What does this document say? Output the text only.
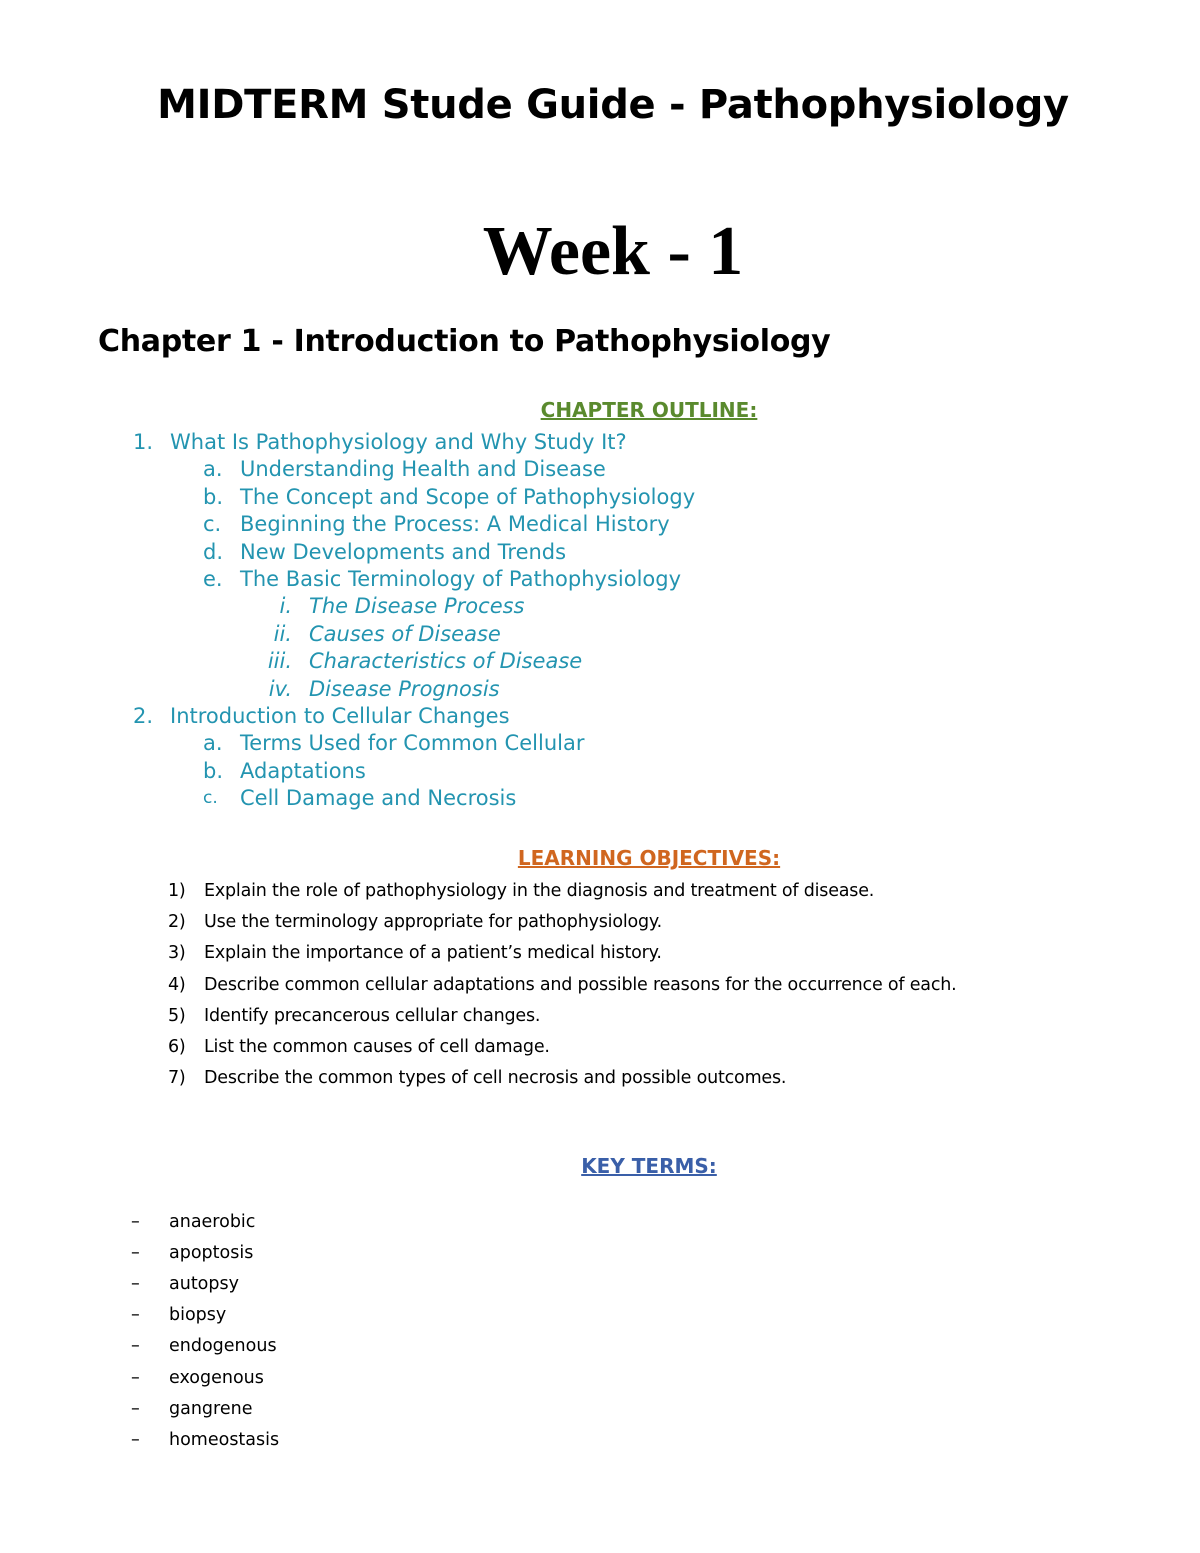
MIDTERM Stude Guide - Pathophysiology
Week - 1
Chapter 1 - Introduction to Pathophysiology
CHAPTER OUTLINE:
1. What Is Pathophysiology and Why Study It?
a. Understanding Health and Disease
b. The Concept and Scope of Pathophysiology
c. Beginning the Process: A Medical History
d. New Developments and Trends
e. The Basic Terminology of Pathophysiology
i. The Disease Process
ii. Causes of Disease
iii. Characteristics of Disease
iv. Disease Prognosis
2. Introduction to Cellular Changes
a. Terms Used for Common Cellular
b. Adaptations
c.	Cell Damage and Necrosis
LEARNING OBJECTIVES:
1) Explain the role of pathophysiology in the diagnosis and treatment of disease.
2) Use the terminology appropriate for pathophysiology.
3) Explain the importance of a patient’s medical history.
4) Describe common cellular adaptations and possible reasons for the occurrence of each.
5) Identify precancerous cellular changes.
6) List the common causes of cell damage.
7) Describe the common types of cell necrosis and possible outcomes.
KEY TERMS:
– anaerobic
– apoptosis
– autopsy
– biopsy
– endogenous
– exogenous
– gangrene
– homeostasis
